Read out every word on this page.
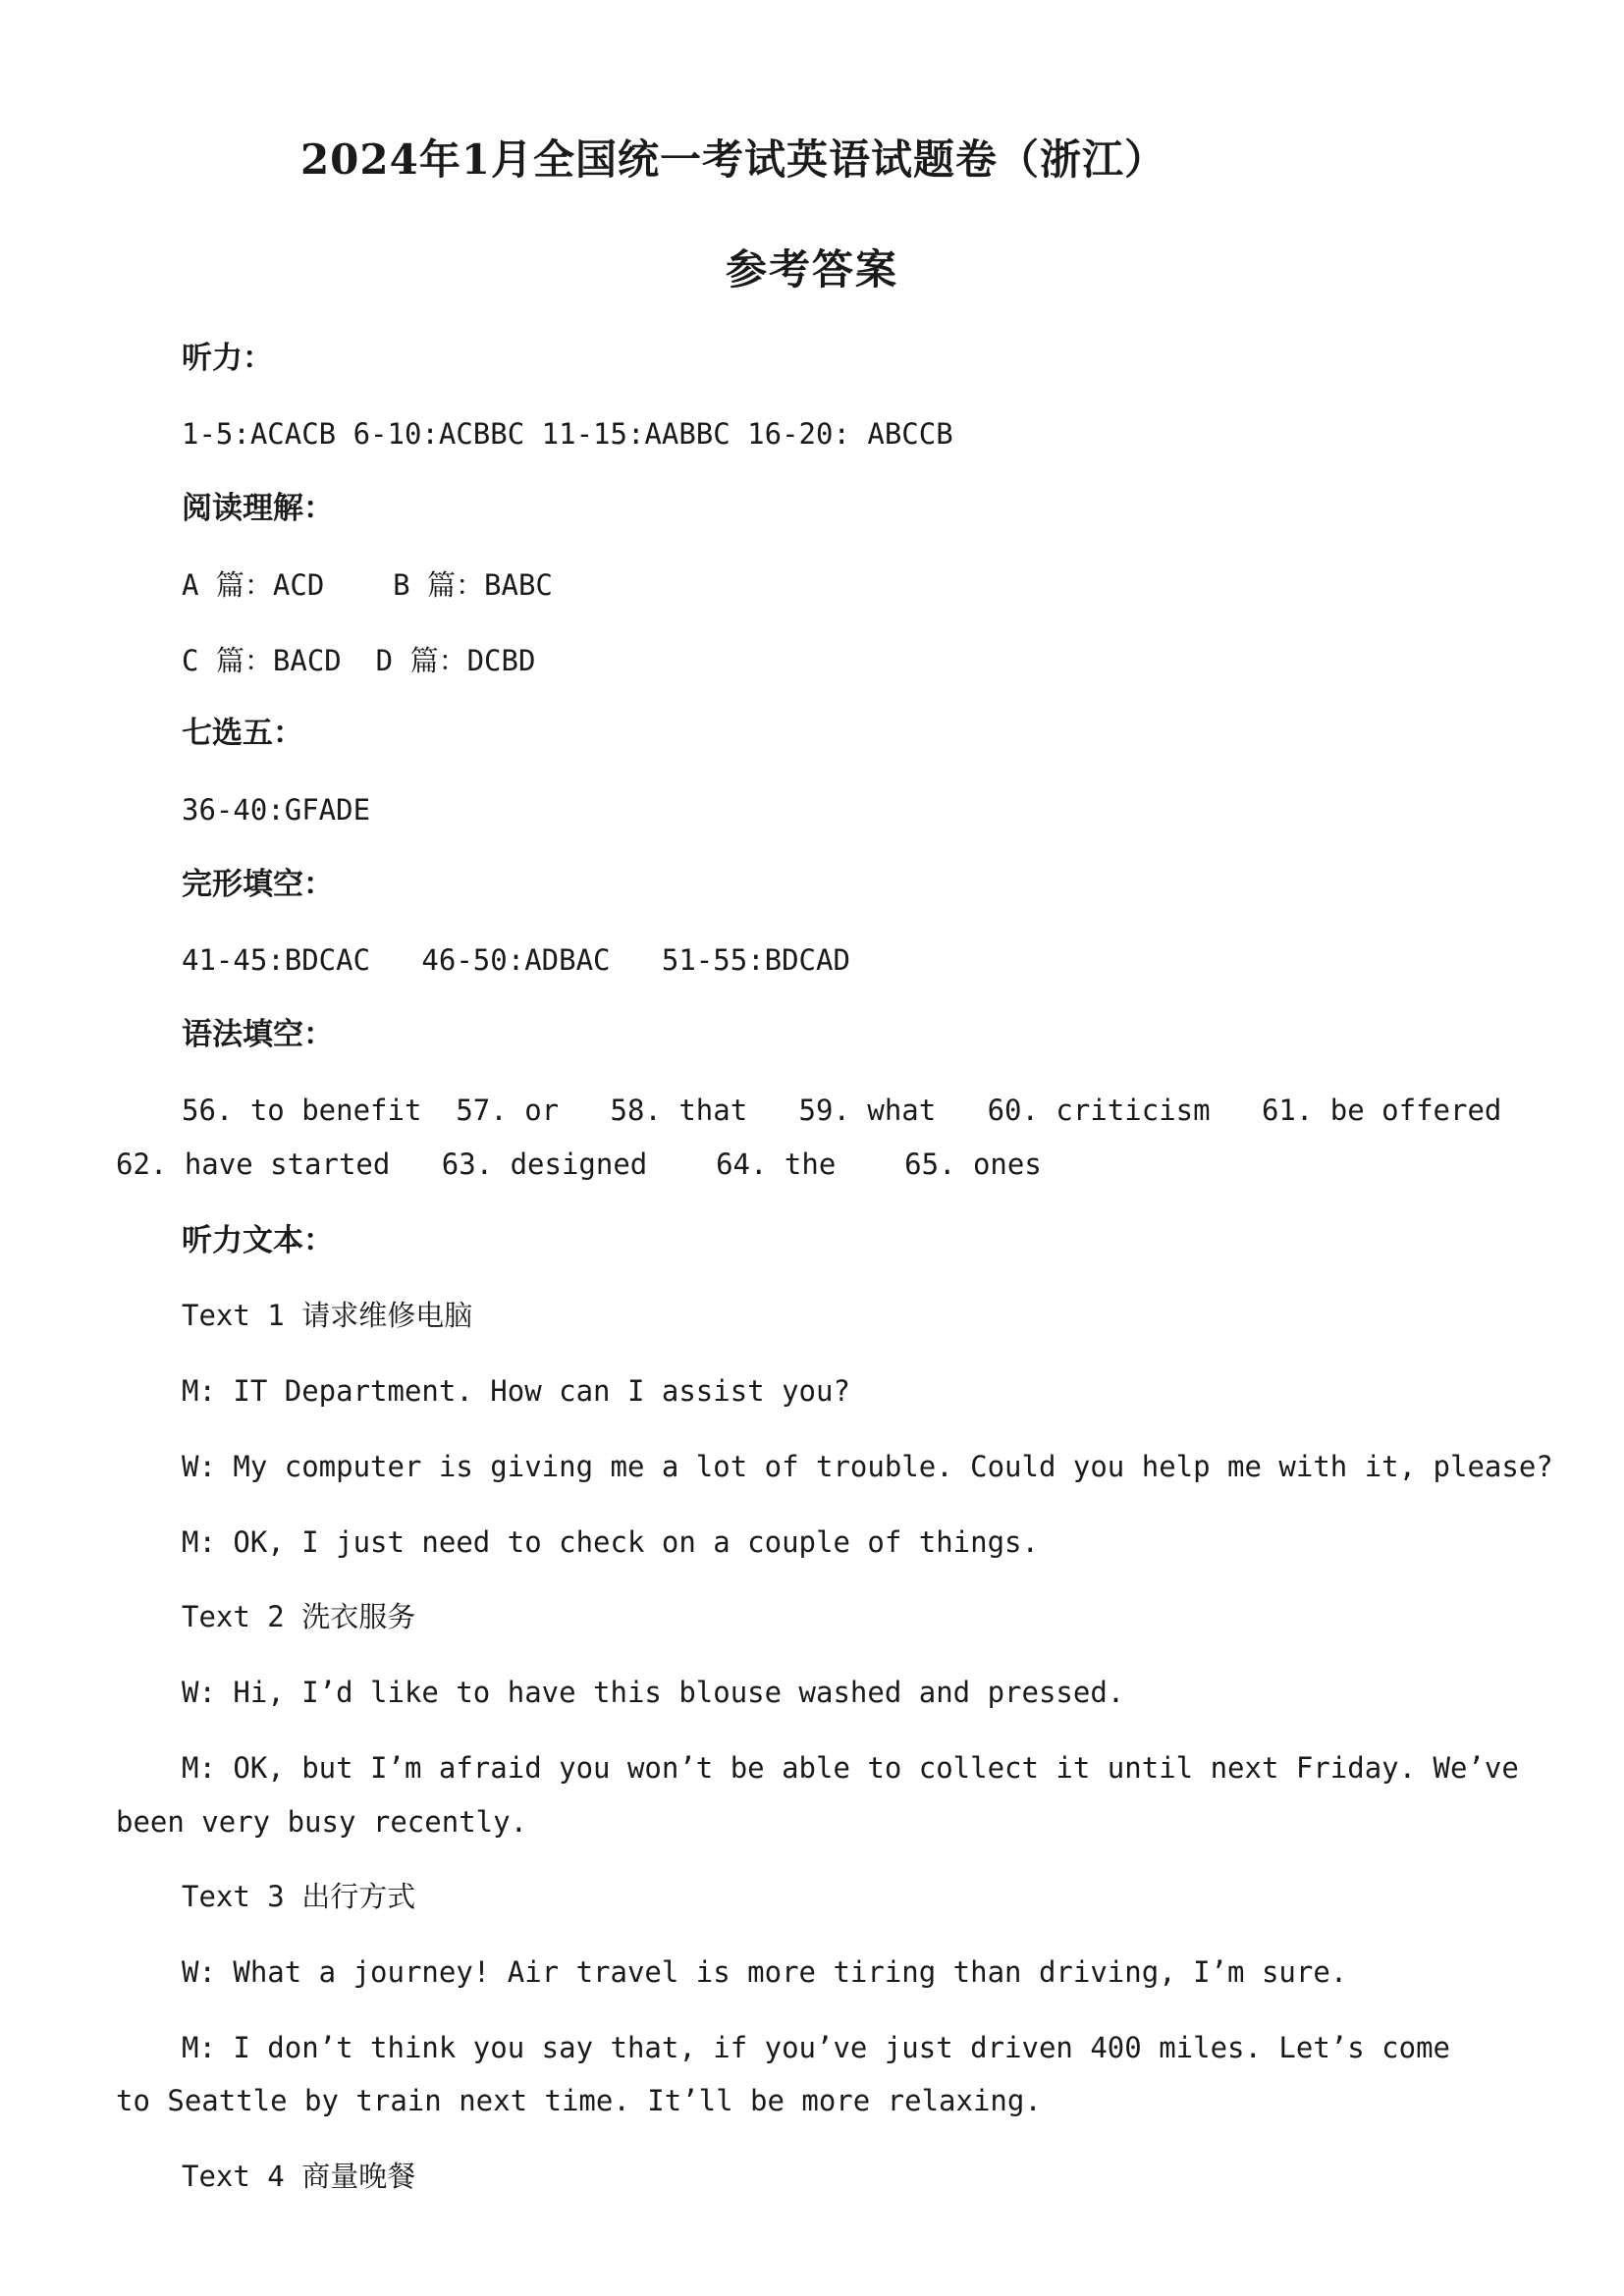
2024年1月全国统一考试英语试题卷（浙江）
参考答案
听力：
1-5:ACACB 6-10:ACBBC 11-15:AABBC 16-20: ABCCB
阅读理解：
A 篇：ACD    B 篇：BABC
C 篇：BACD  D 篇：DCBD
七选五：
36-40:GFADE
完形填空：
41-45:BDCAC   46-50:ADBAC   51-55:BDCAD
语法填空：
56. to benefit  57. or   58. that   59. what   60. criticism   61. be offered
62. have started   63. designed    64. the    65. ones
听力文本：
Text 1 请求维修电脑
M: IT Department. How can I assist you?
W: My computer is giving me a lot of trouble. Could you help me with it, please?
M: OK, I just need to check on a couple of things.
Text 2 洗衣服务
W: Hi, I’d like to have this blouse washed and pressed.
M: OK, but I’m afraid you won’t be able to collect it until next Friday. We’ve
been very busy recently.
Text 3 出行方式
W: What a journey! Air travel is more tiring than driving, I’m sure.
M: I don’t think you say that, if you’ve just driven 400 miles. Let’s come
to Seattle by train next time. It’ll be more relaxing.
Text 4 商量晚餐
